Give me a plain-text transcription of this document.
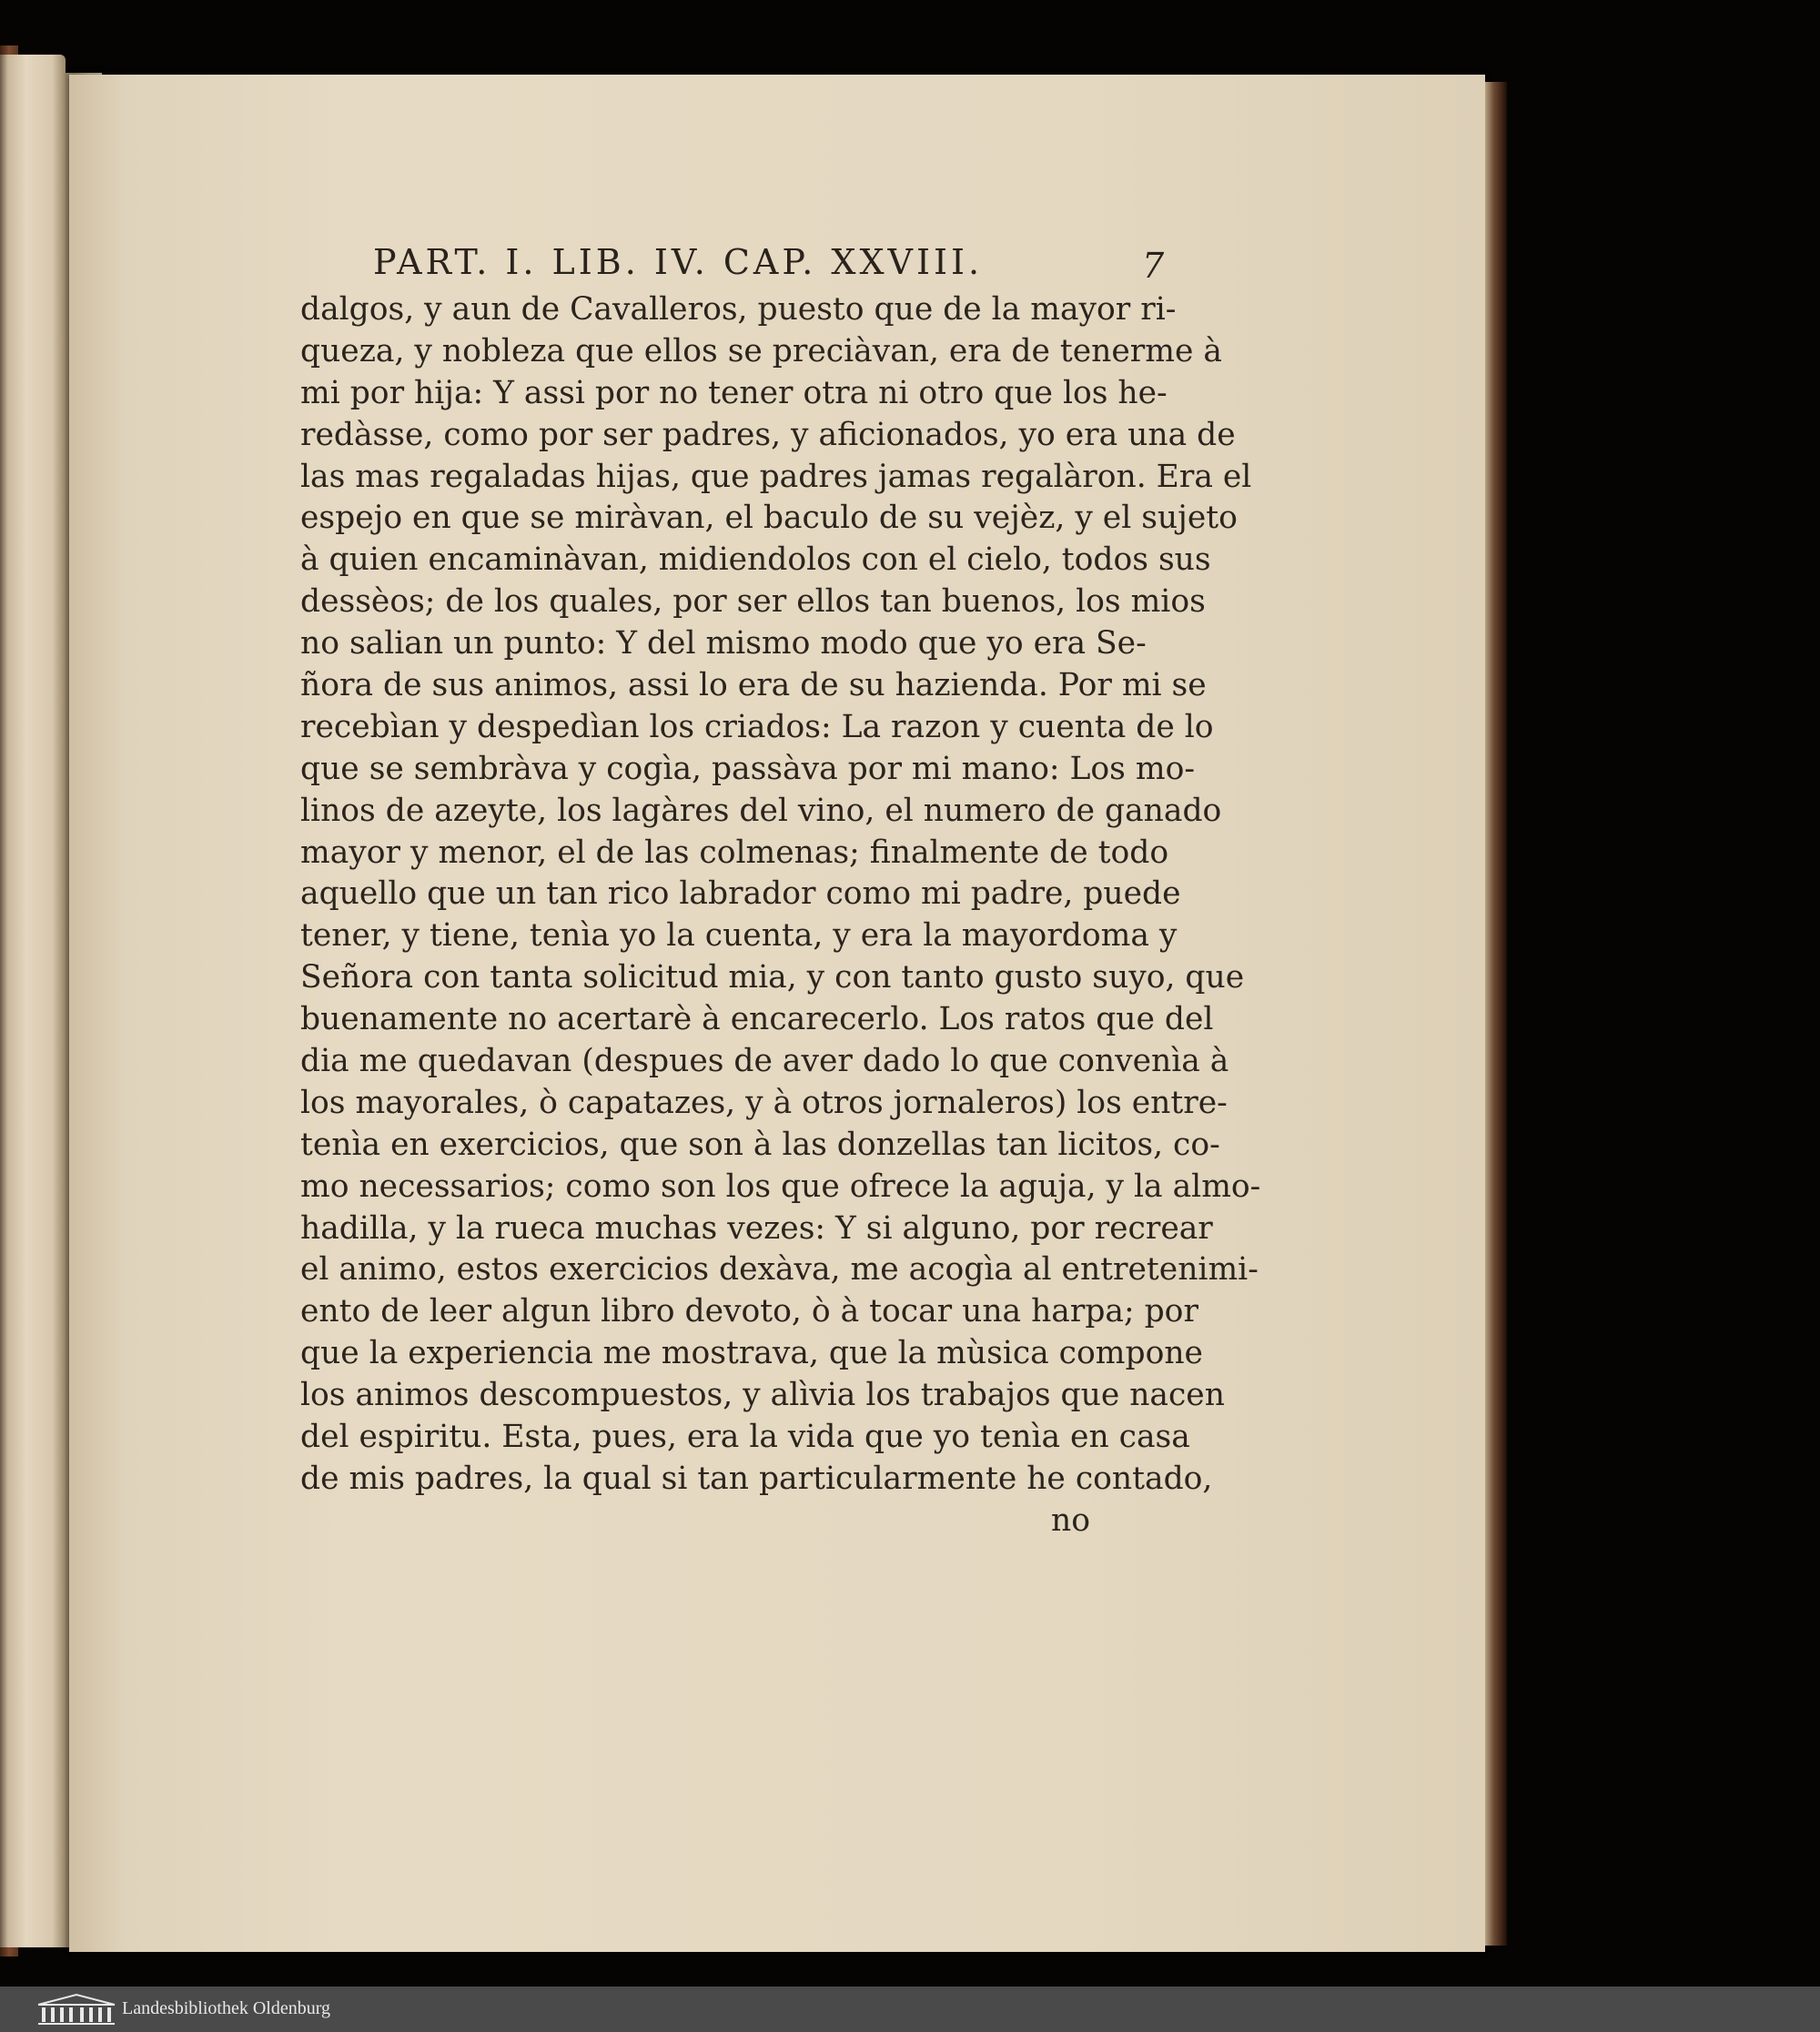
PART. I. LIB. IV. CAP. XXVIII.	7
dalgos, y aun de Cavalleros, puesto que de la mayor ri-
queza, y nobleza que ellos se preciàvan, era de tenerme à
mi por hija: Y assi por no tener otra ni otro que los he-
redàsse, como por ser padres, y aficionados, yo era una de
las mas regaladas hijas, que padres jamas regalàron. Era el
espejo en que se miràvan, el baculo de su vejèz, y el sujeto
à quien encaminàvan, midiendolos con el cielo, todos sus
dessèos; de los quales, por ser ellos tan buenos, los mios
no salian un punto: Y del mismo modo que yo era Se-
ñora de sus animos, assi lo era de su hazienda. Por mi se
recebìan y despedìan los criados: La razon y cuenta de lo
que se sembràva y cogìa, passàva por mi mano: Los mo-
linos de azeyte, los lagàres del vino, el numero de ganado
mayor y menor, el de las colmenas; finalmente de todo
aquello que un tan rico labrador como mi padre, puede
tener, y tiene, tenìa yo la cuenta, y era la mayordoma y
Señora con tanta solicitud mia, y con tanto gusto suyo, que
buenamente no acertarè à encarecerlo. Los ratos que del
dia me quedavan (despues de aver dado lo que convenìa à
los mayorales, ò capatazes, y à otros jornaleros) los entre-
tenìa en exercicios, que son à las donzellas tan licitos, co-
mo necessarios; como son los que ofrece la aguja, y la almo-
hadilla, y la rueca muchas vezes: Y si alguno, por recrear
el animo, estos exercicios dexàva, me acogìa al entretenimi-
ento de leer algun libro devoto, ò à tocar una harpa; por
que la experiencia me mostrava, que la mùsica compone
los animos descompuestos, y alìvia los trabajos que nacen
del espiritu. Esta, pues, era la vida que yo tenìa en casa
de mis padres, la qual si tan particularmente he contado,
no
Landesbibliothek Oldenburg
